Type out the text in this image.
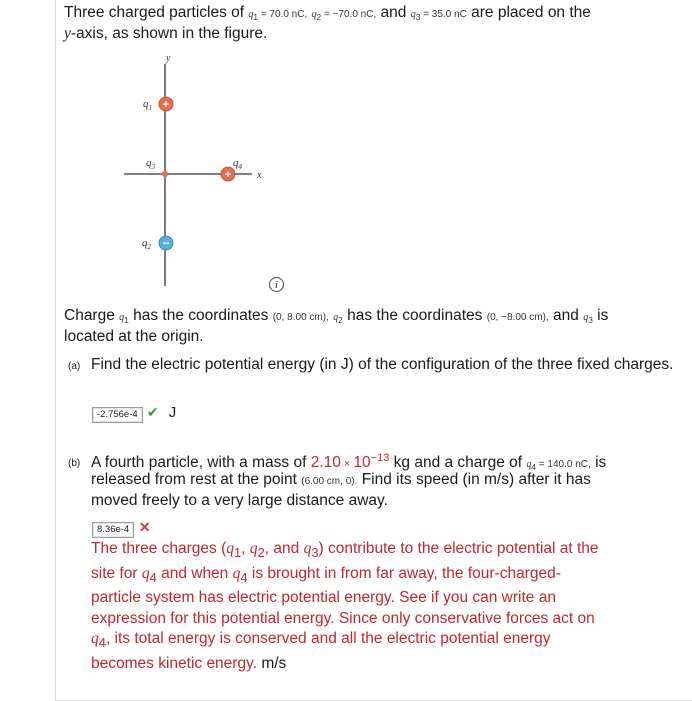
Three charged particles of $q_1 = 70.0$ nC, $q_2 = -70.0$ nC, and $q_3 = 35.0$ nC are placed on the
y-axis, as shown in the figure.
y
x
$q_1$ +
$q_3$	$q_4$
+
$q_2$ −
i
Charge $q_1$ has the coordinates (0, 8.00 cm), $q_2$ has the coordinates (0, −8.00 cm), and $q_3$ is
located at the origin.
(a) Find the electric potential energy (in J) of the configuration of the three fixed charges.
-2.756e-4 ✔ J
(b) A fourth particle, with a mass of $2.10 \times 10^{-13}$ kg and a charge of $q_4 = 140.0$ nC, is
released from rest at the point (6.00 cm, 0). Find its speed (in m/s) after it has
moved freely to a very large distance away.
8.36e-4 ✕
The three charges ($q_1$, $q_2$, and $q_3$) contribute to the electric potential at the
site for $q_4$ and when $q_4$ is brought in from far away, the four-charged-
particle system has electric potential energy. See if you can write an
expression for this potential energy. Since only conservative forces act on
$q_4$, its total energy is conserved and all the electric potential energy
becomes kinetic energy. m/s
